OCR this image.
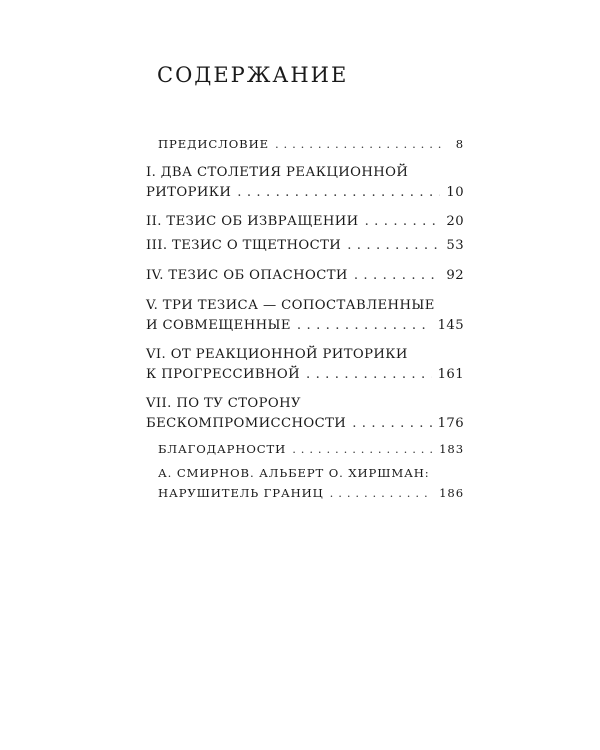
СОДЕРЖАНИЕ
ПРЕДИСЛОВИЕ . . .	8
I. ДВА СТОЛЕТИЯ РЕАКЦИОННОЙ
РИТОРИКИ . . .	10
II. ТЕЗИС ОБ ИЗВРАЩЕНИИ . . .	20
III. ТЕЗИС О ТЩЕТНОСТИ . . .	53
IV. ТЕЗИС ОБ ОПАСНОСТИ . . .	92
V. ТРИ ТЕЗИСА — СОПОСТАВЛЕННЫЕ
И СОВМЕЩЕННЫЕ . . .	145
VI. ОТ РЕАКЦИОННОЙ РИТОРИКИ
К ПРОГРЕССИВНОЙ . . .	161
VII. ПО ТУ СТОРОНУ
БЕСКОМПРОМИССНОСТИ . . .	176
БЛАГОДАРНОСТИ . . .	183
А. СМИРНОВ. АЛЬБЕРТ О. ХИРШМАН:
НАРУШИТЕЛЬ ГРАНИЦ . . .	186
